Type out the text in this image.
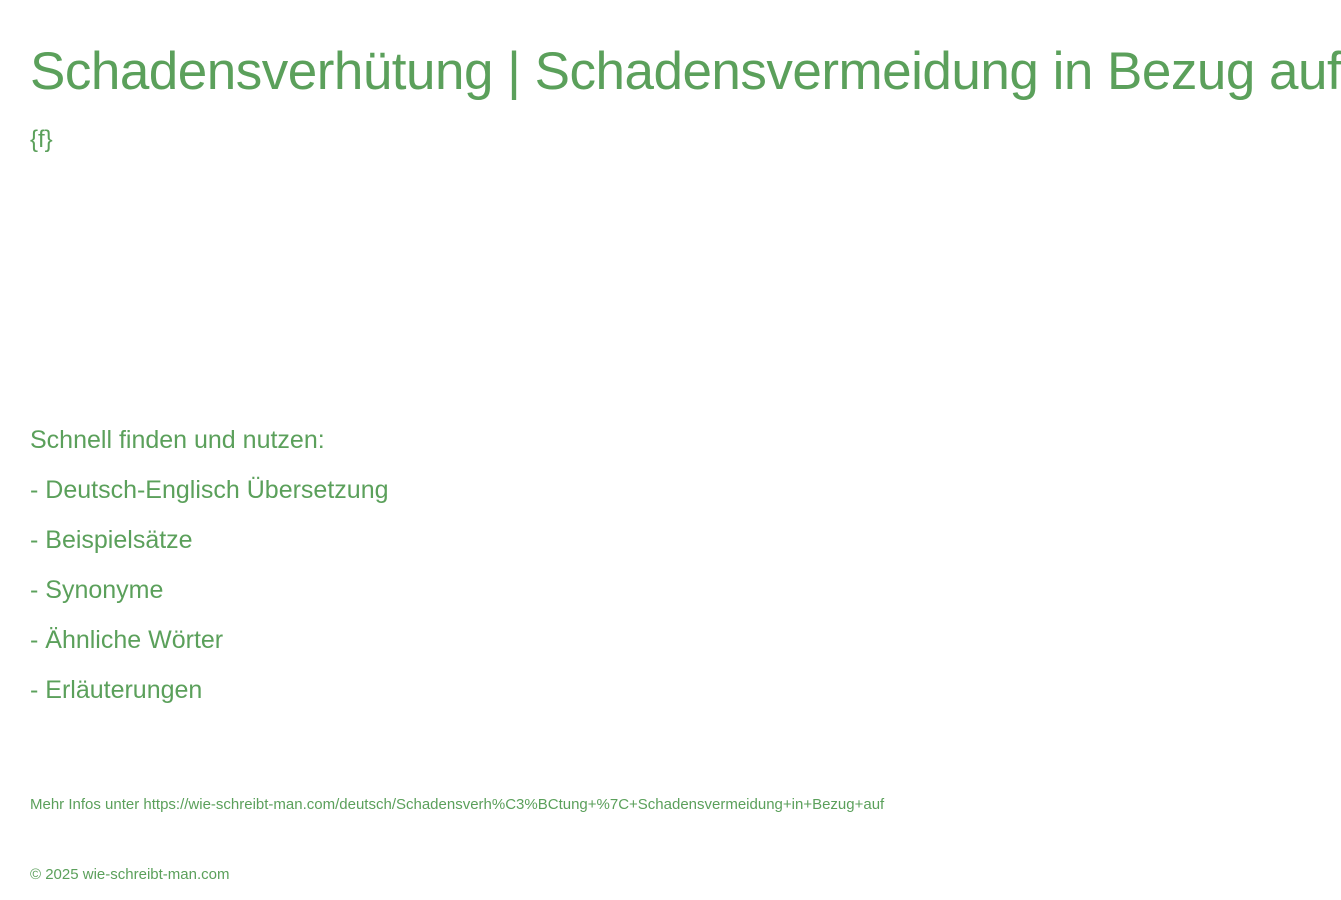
Schadensverhütung | Schadensvermeidung in Bezug auf
{f}
Schnell finden und nutzen:
- Deutsch-Englisch Übersetzung
- Beispielsätze
- Synonyme
- Ähnliche Wörter
- Erläuterungen
Mehr Infos unter https://wie-schreibt-man.com/deutsch/Schadensverh%C3%BCtung+%7C+Schadensvermeidung+in+Bezug+auf
© 2025 wie-schreibt-man.com
